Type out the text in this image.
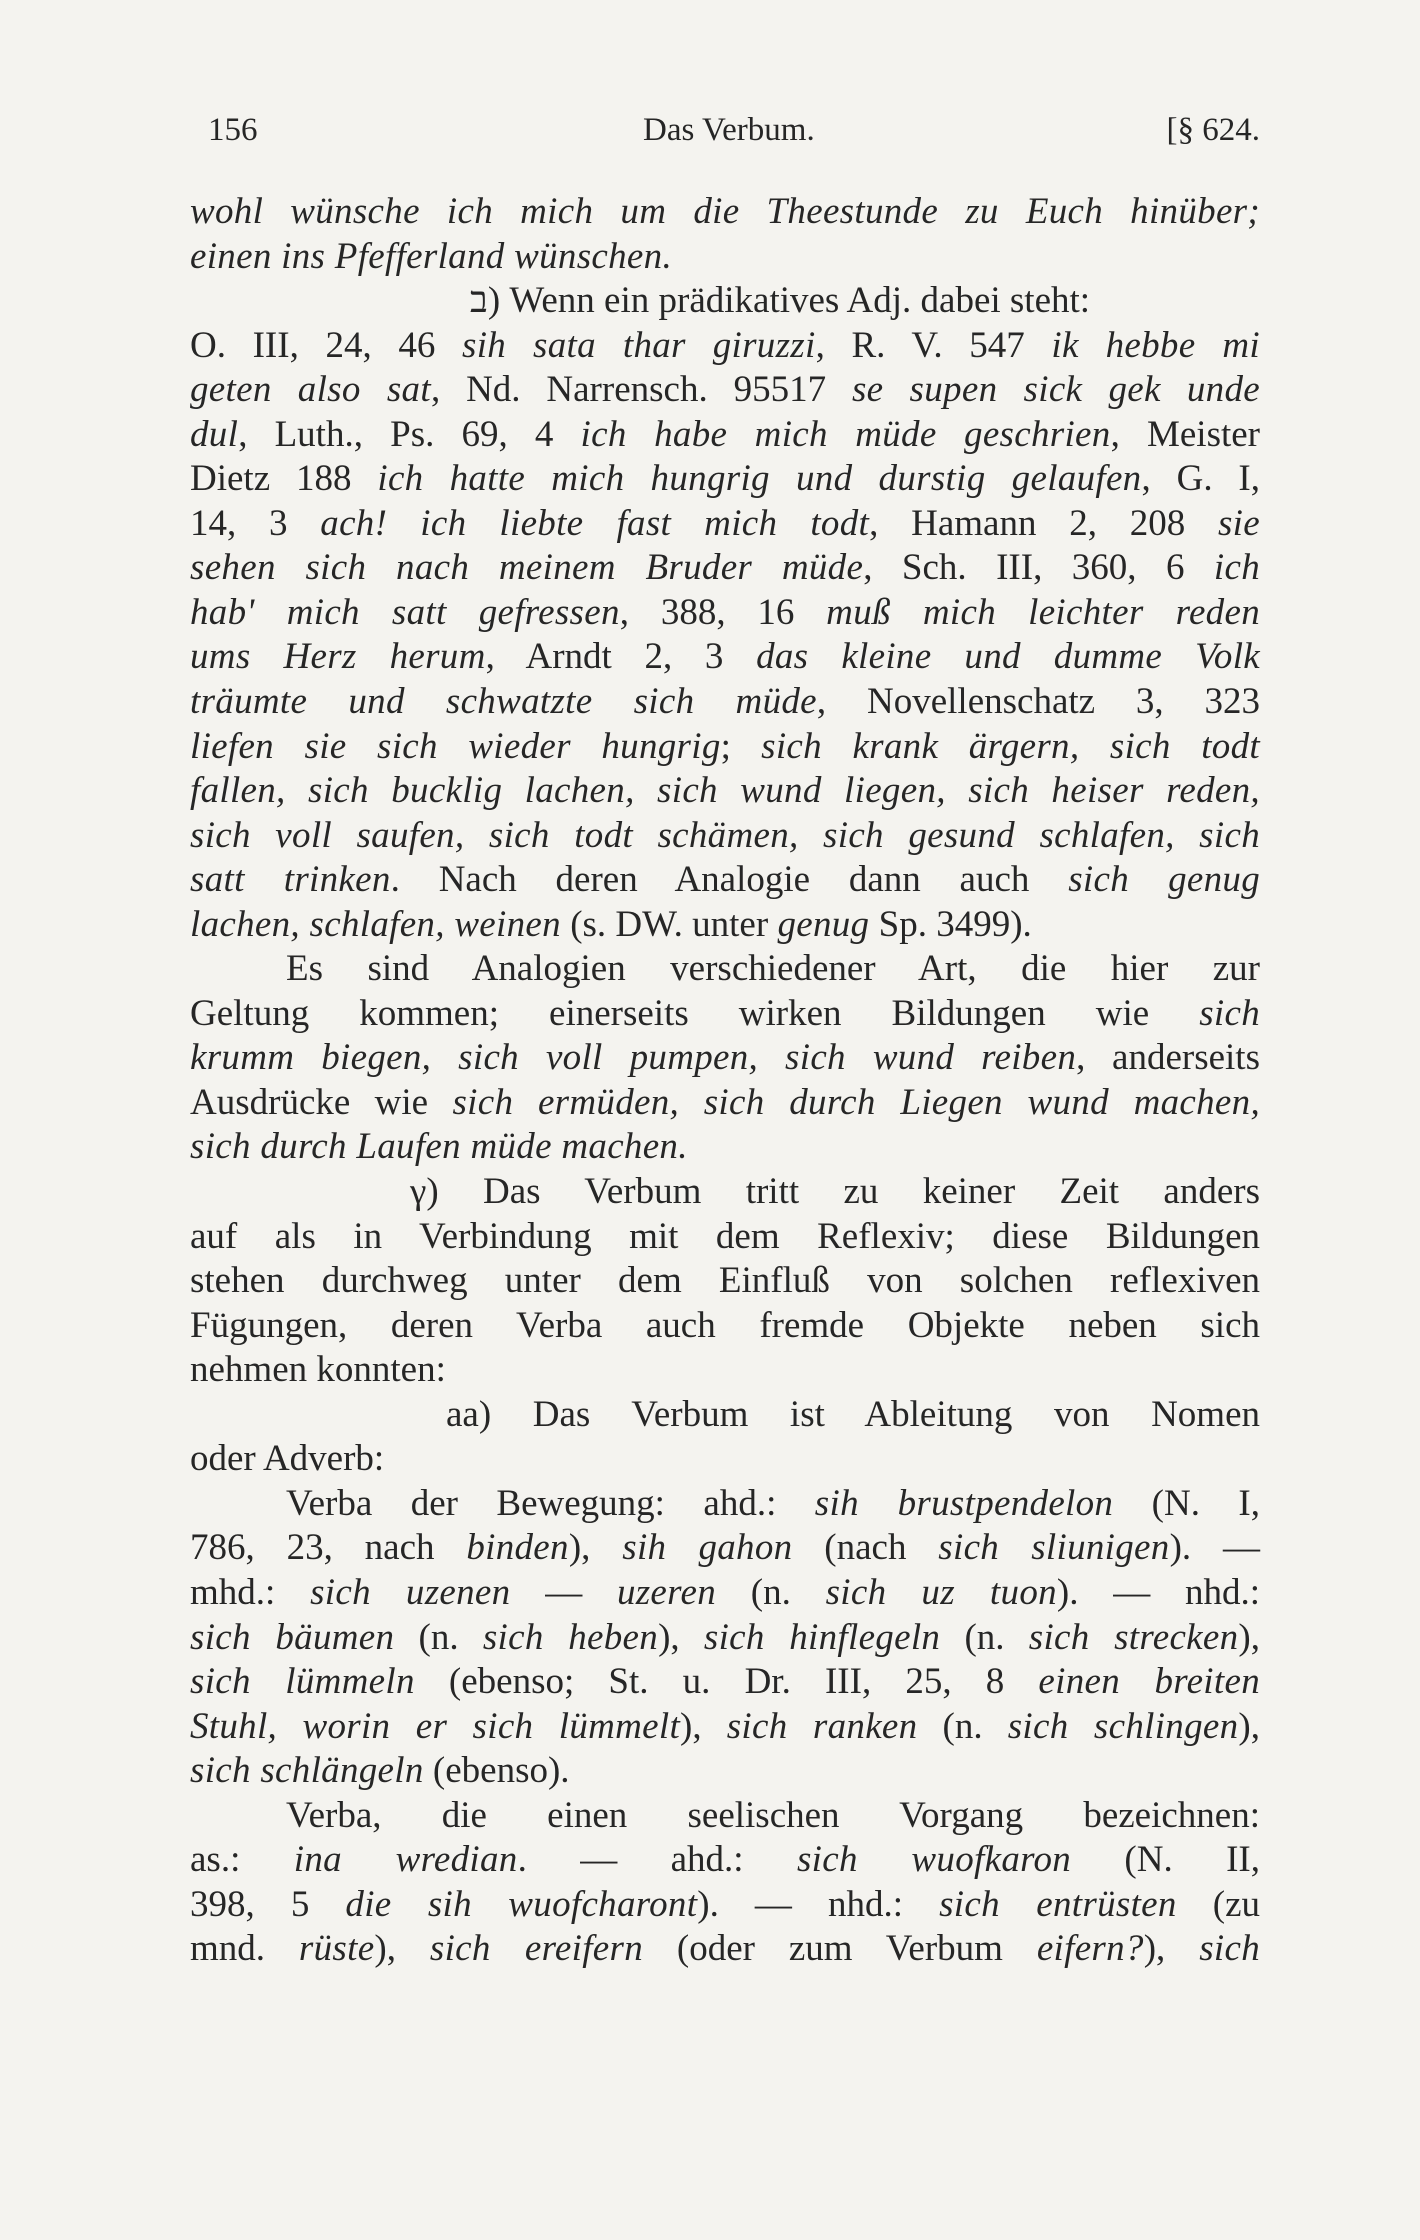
156	Das Verbum.	[§ 624.

wohl wünsche ich mich um die Theestunde zu Euch hinüber;

einen ins Pfefferland wünschen.

ב) Wenn ein prädikatives Adj. dabei steht:

O. III, 24, 46 sih sata thar giruzzi, R. V. 547 ik hebbe mi

geten also sat, Nd. Narrensch. 95517 se supen sick gek unde

dul, Luth., Ps. 69, 4 ich habe mich müde geschrien, Meister

Dietz 188 ich hatte mich hungrig und durstig gelaufen, G. I,

14, 3 ach! ich liebte fast mich todt, Hamann 2, 208 sie

sehen sich nach meinem Bruder müde, Sch. III, 360, 6 ich

hab' mich satt gefressen, 388, 16 muß mich leichter reden

ums Herz herum, Arndt 2, 3 das kleine und dumme Volk

träumte und schwatzte sich müde, Novellenschatz 3, 323

liefen sie sich wieder hungrig; sich krank ärgern, sich todt

fallen, sich bucklig lachen, sich wund liegen, sich heiser reden,

sich voll saufen, sich todt schämen, sich gesund schlafen, sich

satt trinken. Nach deren Analogie dann auch sich genug

lachen, schlafen, weinen (s. DW. unter genug Sp. 3499).

Es sind Analogien verschiedener Art, die hier zur

Geltung kommen; einerseits wirken Bildungen wie sich

krumm biegen, sich voll pumpen, sich wund reiben, anderseits

Ausdrücke wie sich ermüden, sich durch Liegen wund machen,

sich durch Laufen müde machen.

γ) Das Verbum tritt zu keiner Zeit anders

auf als in Verbindung mit dem Reflexiv; diese Bildungen

stehen durchweg unter dem Einfluß von solchen reflexiven

Fügungen, deren Verba auch fremde Objekte neben sich

nehmen konnten:

aa) Das Verbum ist Ableitung von Nomen

oder Adverb:

Verba der Bewegung: ahd.: sih brustpendelon (N. I,

786, 23, nach binden), sih gahon (nach sich sliunigen). —

mhd.: sich uzenen — uzeren (n. sich uz tuon). — nhd.:

sich bäumen (n. sich heben), sich hinflegeln (n. sich strecken),

sich lümmeln (ebenso; St. u. Dr. III, 25, 8 einen breiten

Stuhl, worin er sich lümmelt), sich ranken (n. sich schlingen),

sich schlängeln (ebenso).

Verba, die einen seelischen Vorgang bezeichnen:

as.: ina wredian. — ahd.: sich wuofkaron (N. II,

398, 5 die sih wuofcharont). — nhd.: sich entrüsten (zu

mnd. rüste), sich ereifern (oder zum Verbum eifern?), sich
